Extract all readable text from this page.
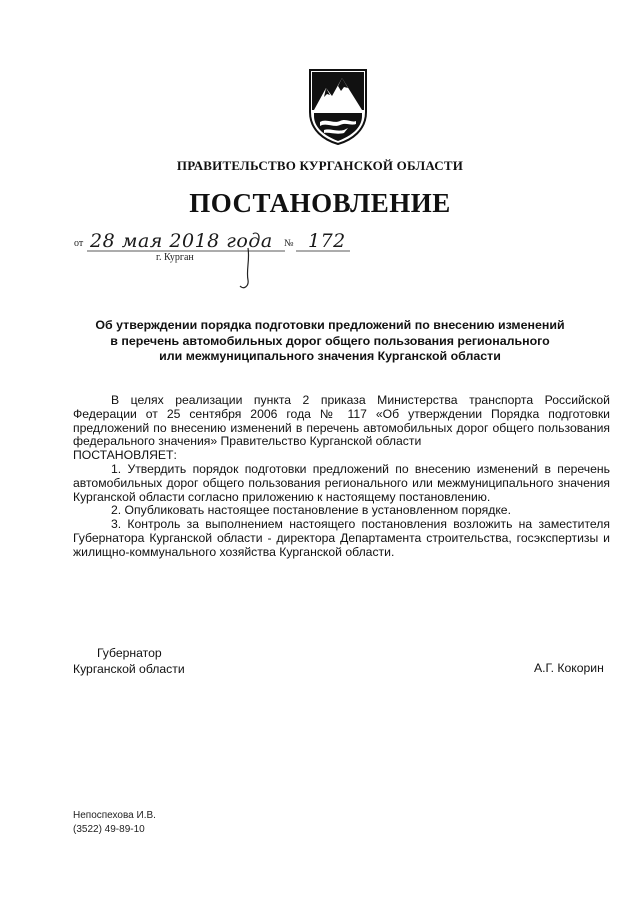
ПРАВИТЕЛЬСТВО КУРГАНСКОЙ ОБЛАСТИ
ПОСТАНОВЛЕНИЕ
от 28 мая 2018 года № 172
г. Курган
Об утверждении порядка подготовки предложений по внесению изменений
в перечень автомобильных дорог общего пользования регионального
или межмуниципального значения Курганской области

В целях реализации пункта 2 приказа Министерства транспорта Российской Федерации от 25 сентября 2006 года № 117 «Об утверждении Порядка подготовки предложений по внесению изменений в перечень автомобильных дорог общего пользования федерального значения» Правительство Курганской области

ПОСТАНОВЛЯЕТ:

1. Утвердить порядок подготовки предложений по внесению изменений в перечень автомобильных дорог общего пользования регионального или межмуниципального значения Курганской области согласно приложению к настоящему постановлению.

2. Опубликовать настоящее постановление в установленном порядке.

3. Контроль за выполнением настоящего постановления возложить на заместителя Губернатора Курганской области - директора Департамента строительства, госэкспертизы и жилищно-коммунального хозяйства Курганской области.

Губернатор
Курганской области	А.Г. Кокорин
Непоспехова И.В.
(3522) 49-89-10
